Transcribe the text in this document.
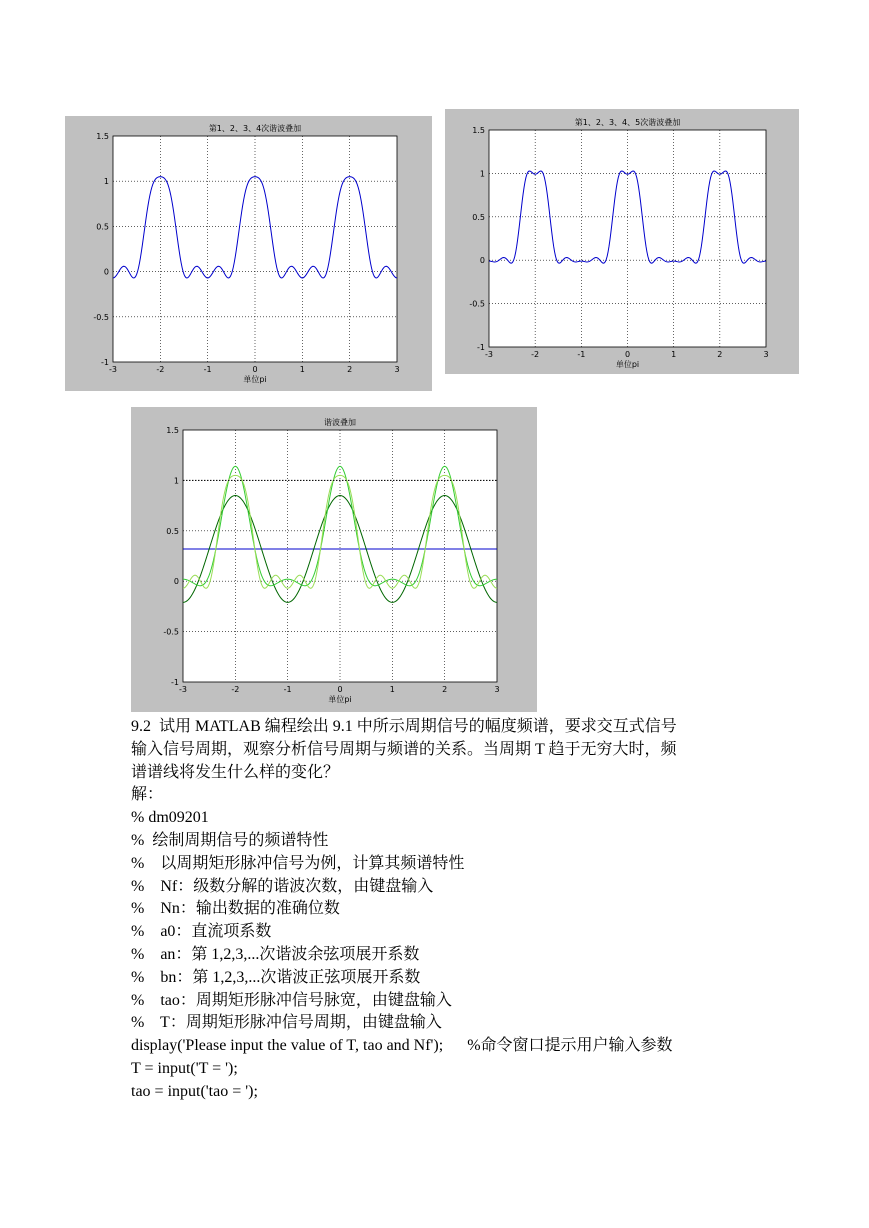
第1、2、3、4次谐波叠加
-3	-2	-1	0	1	2	3
1.5
1
0.5
0
-0.5
-1
单位pi
第1、2、3、4、5次谐波叠加
-3	-2	-1	0	1	2	3
1.5
1
0.5
0
-0.5
-1
单位pi
谐波叠加
-3	-2	-1	0	1	2	3
1.5
1
0.5
0
-0.5
-1
单位pi
9.2  试用 MATLAB 编程绘出 9.1 中所示周期信号的幅度频谱，要求交互式信号
输入信号周期，观察分析信号周期与频谱的关系。当周期 T 趋于无穷大时，频
谱谱线将发生什么样的变化？
解：
% dm09201
%  绘制周期信号的频谱特性
%    以周期矩形脉冲信号为例，计算其频谱特性
%    Nf：级数分解的谐波次数，由键盘输入
%    Nn：输出数据的准确位数
%    a0：直流项系数
%    an：第 1,2,3,...次谐波余弦项展开系数
%    bn：第 1,2,3,...次谐波正弦项展开系数
%    tao：周期矩形脉冲信号脉宽，由键盘输入
%    T：周期矩形脉冲信号周期，由键盘输入
display('Please input the value of T, tao and Nf');      %命令窗口提示用户输入参数
T = input('T = ');
tao = input('tao = ');
